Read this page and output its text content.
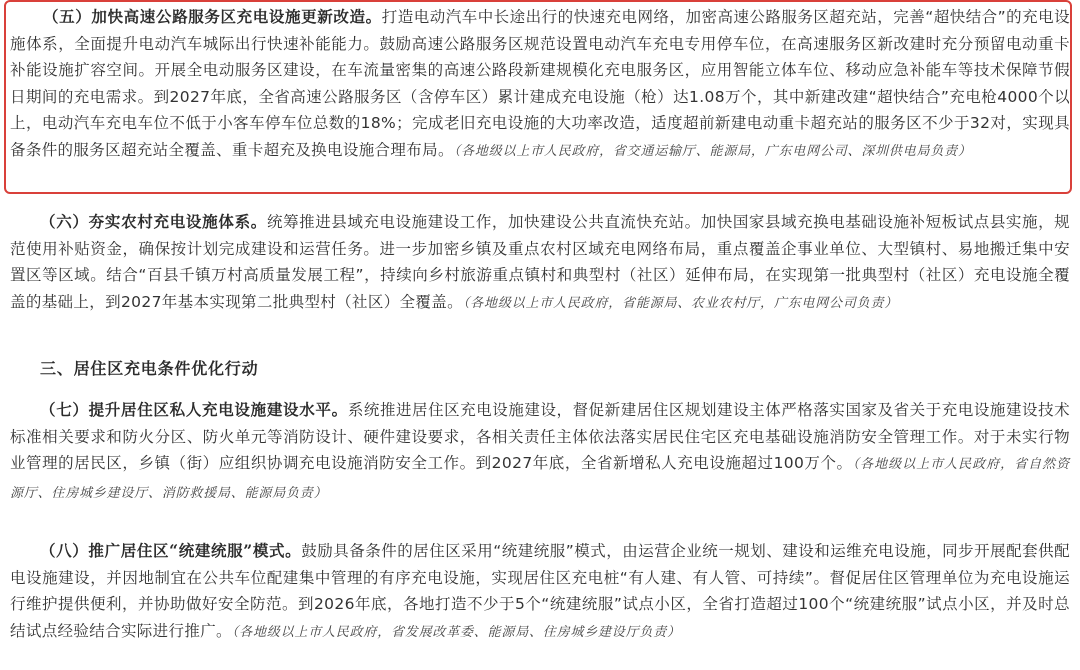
（五）加快高速公路服务区充电设施更新改造。打造电动汽车中长途出行的快速充电网络，加密高速公路服务区超充站，完善“超快结合”的充电设施体系，全面提升电动汽车城际出行快速补能能力。鼓励高速公路服务区规范设置电动汽车充电专用停车位，在高速服务区新改建时充分预留电动重卡补能设施扩容空间。开展全电动服务区建设，在车流量密集的高速公路段新建规模化充电服务区，应用智能立体车位、移动应急补能车等技术保障节假日期间的充电需求。到2027年底，全省高速公路服务区（含停车区）累计建成充电设施（枪）达1.08万个，其中新建改建“超快结合”充电枪4000个以上，电动汽车充电车位不低于小客车停车位总数的18%；完成老旧充电设施的大功率改造，适度超前新建电动重卡超充站的服务区不少于32对，实现具备条件的服务区超充站全覆盖、重卡超充及换电设施合理布局。（各地级以上市人民政府，省交通运输厅、能源局，广东电网公司、深圳供电局负责）

（六）夯实农村充电设施体系。统筹推进县域充电设施建设工作，加快建设公共直流快充站。加快国家县域充换电基础设施补短板试点县实施，规范使用补贴资金，确保按计划完成建设和运营任务。进一步加密乡镇及重点农村区域充电网络布局，重点覆盖企事业单位、大型镇村、易地搬迁集中安置区等区域。结合“百县千镇万村高质量发展工程”，持续向乡村旅游重点镇村和典型村（社区）延伸布局，在实现第一批典型村（社区）充电设施全覆盖的基础上，到2027年基本实现第二批典型村（社区）全覆盖。（各地级以上市人民政府，省能源局、农业农村厅，广东电网公司负责）

三、居住区充电条件优化行动

（七）提升居住区私人充电设施建设水平。系统推进居住区充电设施建设，督促新建居住区规划建设主体严格落实国家及省关于充电设施建设技术标准相关要求和防火分区、防火单元等消防设计、硬件建设要求，各相关责任主体依法落实居民住宅区充电基础设施消防安全管理工作。对于未实行物业管理的居民区，乡镇（街）应组织协调充电设施消防安全工作。到2027年底，全省新增私人充电设施超过100万个。（各地级以上市人民政府，省自然资源厅、住房城乡建设厅、消防救援局、能源局负责）

（八）推广居住区“统建统服”模式。鼓励具备条件的居住区采用“统建统服”模式，由运营企业统一规划、建设和运维充电设施，同步开展配套供配电设施建设，并因地制宜在公共车位配建集中管理的有序充电设施，实现居住区充电桩“有人建、有人管、可持续”。督促居住区管理单位为充电设施运行维护提供便利，并协助做好安全防范。到2026年底，各地打造不少于5个“统建统服”试点小区，全省打造超过100个“统建统服”试点小区，并及时总结试点经验结合实际进行推广。（各地级以上市人民政府，省发展改革委、能源局、住房城乡建设厅负责）
